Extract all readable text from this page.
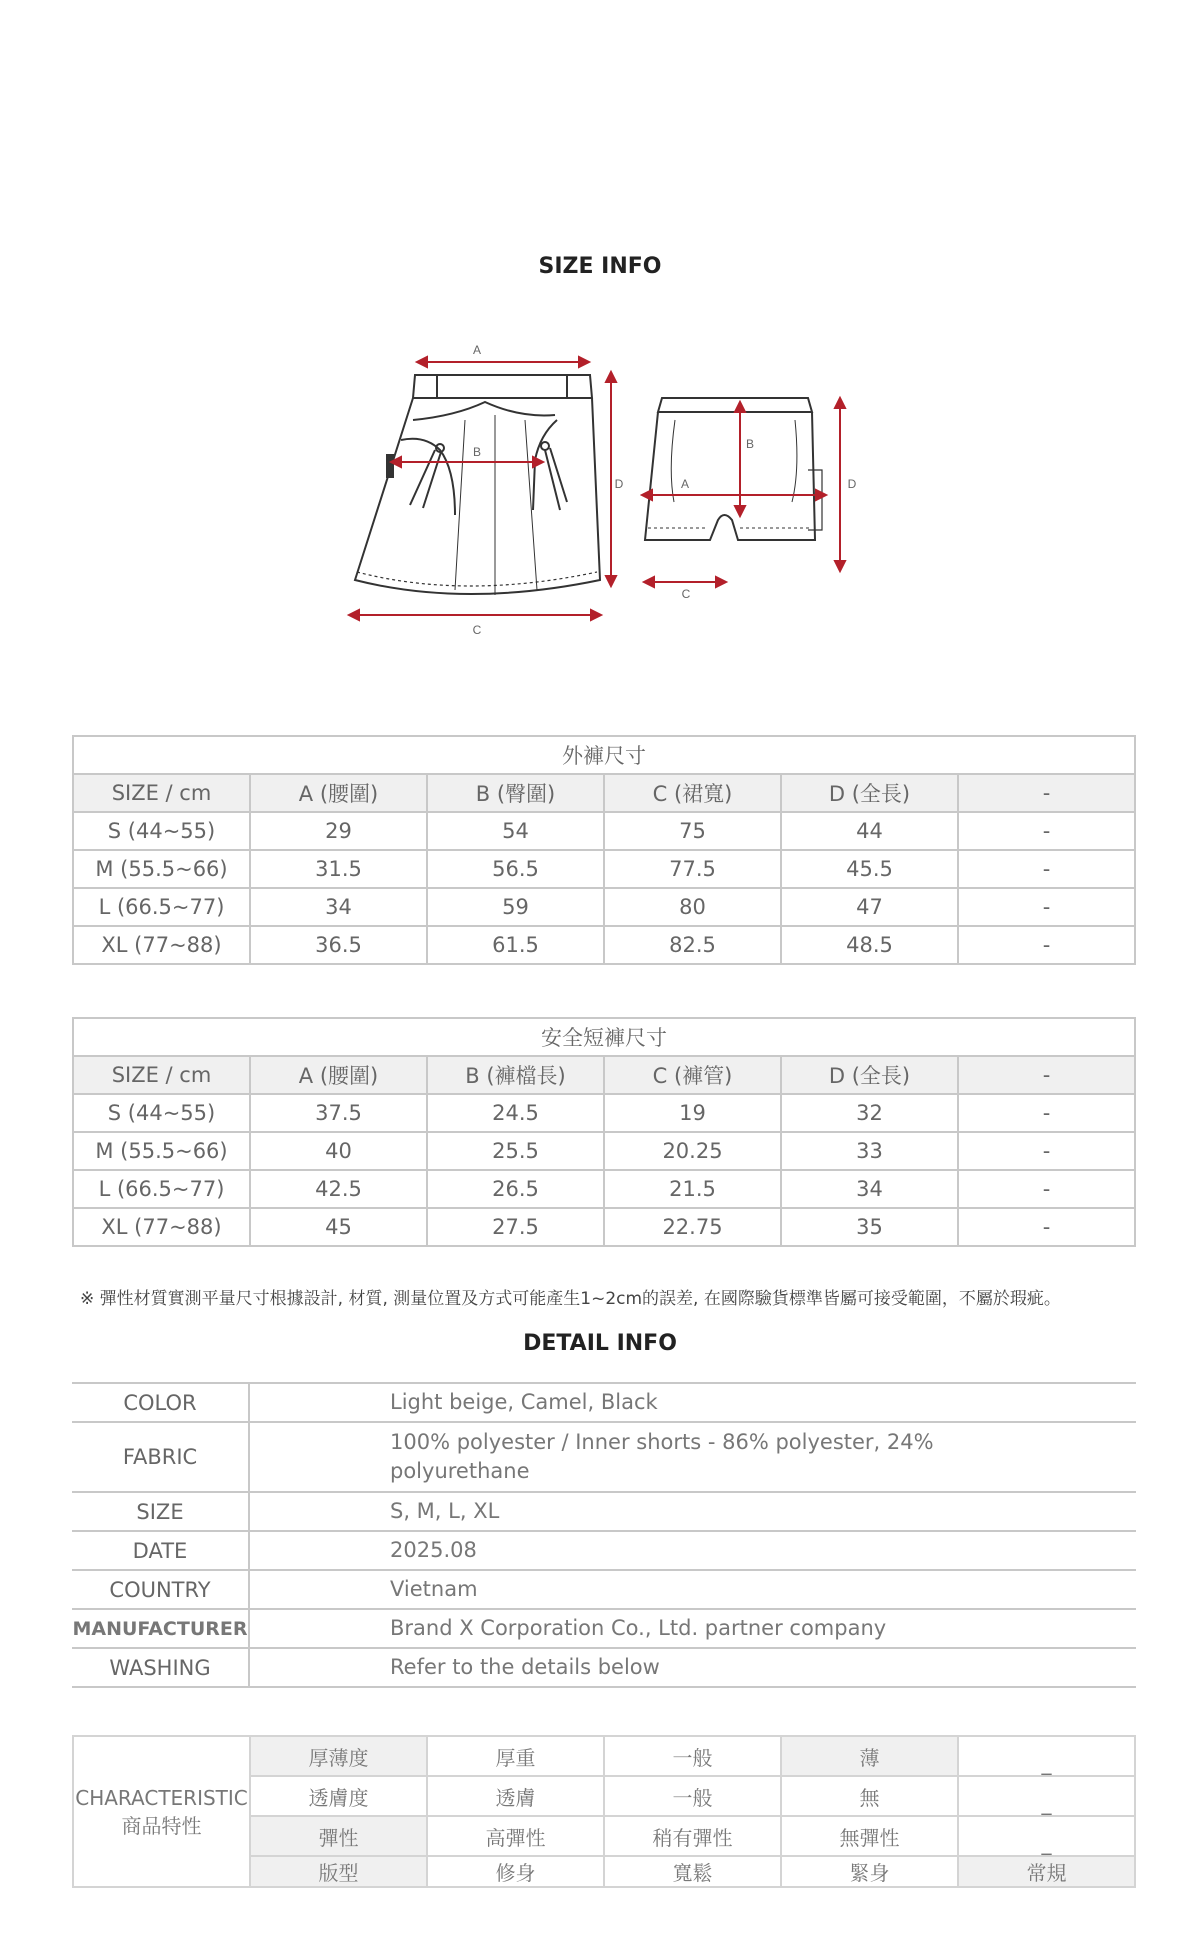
SIZE INFO
A
B
C
D
B
A
C
D
外褲尺寸					
SIZE / cm	A (腰圍)	B (臀圍)	C (裙寬)	D (全長)	-
S (44~55)	29	54	75	44	-
M (55.5~66)	31.5	56.5	77.5	45.5	-
L (66.5~77)	34	59	80	47	-
XL (77~88)	36.5	61.5	82.5	48.5	-
安全短褲尺寸					
SIZE / cm	A (腰圍)	B (褲檔長)	C (褲管)	D (全長)	-
S (44~55)	37.5	24.5	19	32	-
M (55.5~66)	40	25.5	20.25	33	-
L (66.5~77)	42.5	26.5	21.5	34	-
XL (77~88)	45	27.5	22.75	35	-
※ 彈性材質實測平量尺寸根據設計, 材質, 測量位置及方式可能產生1~2cm的誤差, 在國際驗貨標準皆屬可接受範圍，不屬於瑕疵。
DETAIL INFO
COLOR	Light beige, Camel, Black
FABRIC	100% polyester / Inner shorts - 86% polyester, 24%
polyurethane

SIZE	S, M, L, XL
DATE	2025.08
COUNTRY	Vietnam
MANUFACTURER	Brand X Corporation Co., Ltd. partner company
WASHING	Refer to the details below
CHARACTERISTIC
商品特性	厚薄度	厚重	一般	薄	_
	透膚度	透膚	一般	無	_
	彈性	高彈性	稍有彈性	無彈性	_
	版型	修身	寬鬆	緊身	常規
